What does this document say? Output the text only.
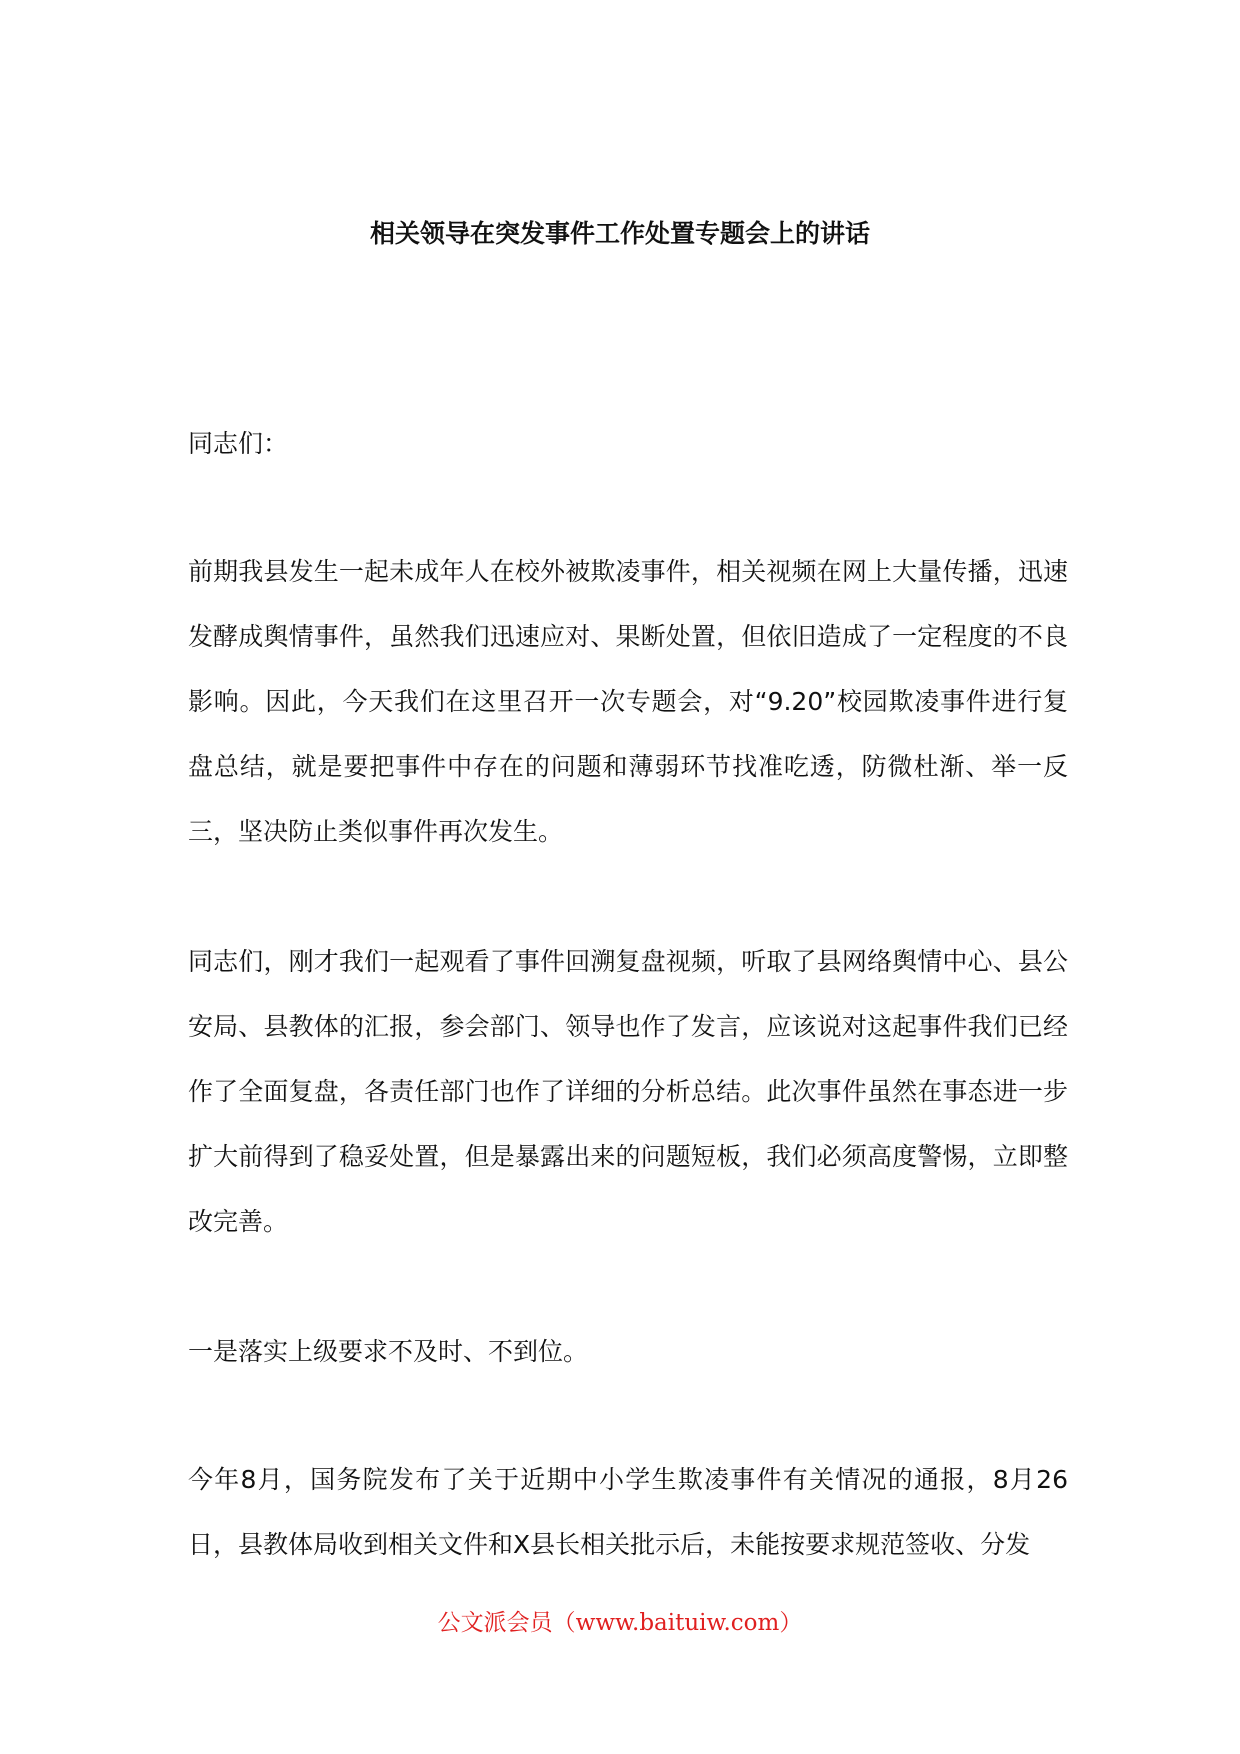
相关领导在突发事件工作处置专题会上的讲话

同志们：

前期我县发生一起未成年人在校外被欺凌事件，相关视频在网上大量传播，迅速发酵成舆情事件，虽然我们迅速应对、果断处置，但依旧造成了一定程度的不良影响。因此，今天我们在这里召开一次专题会，对“9.20”校园欺凌事件进行复盘总结，就是要把事件中存在的问题和薄弱环节找准吃透，防微杜渐、举一反三，坚决防止类似事件再次发生。

同志们，刚才我们一起观看了事件回溯复盘视频，听取了县网络舆情中心、县公安局、县教体的汇报，参会部门、领导也作了发言，应该说对这起事件我们已经作了全面复盘，各责任部门也作了详细的分析总结。此次事件虽然在事态进一步扩大前得到了稳妥处置，但是暴露出来的问题短板，我们必须高度警惕，立即整改完善。

一是落实上级要求不及时、不到位。

今年8月，国务院发布了关于近期中小学生欺凌事件有关情况的通报，8月26日，县教体局收到相关文件和X县长相关批示后，未能按要求规范签收、分发

公文派会员（www.baituiw.com）
